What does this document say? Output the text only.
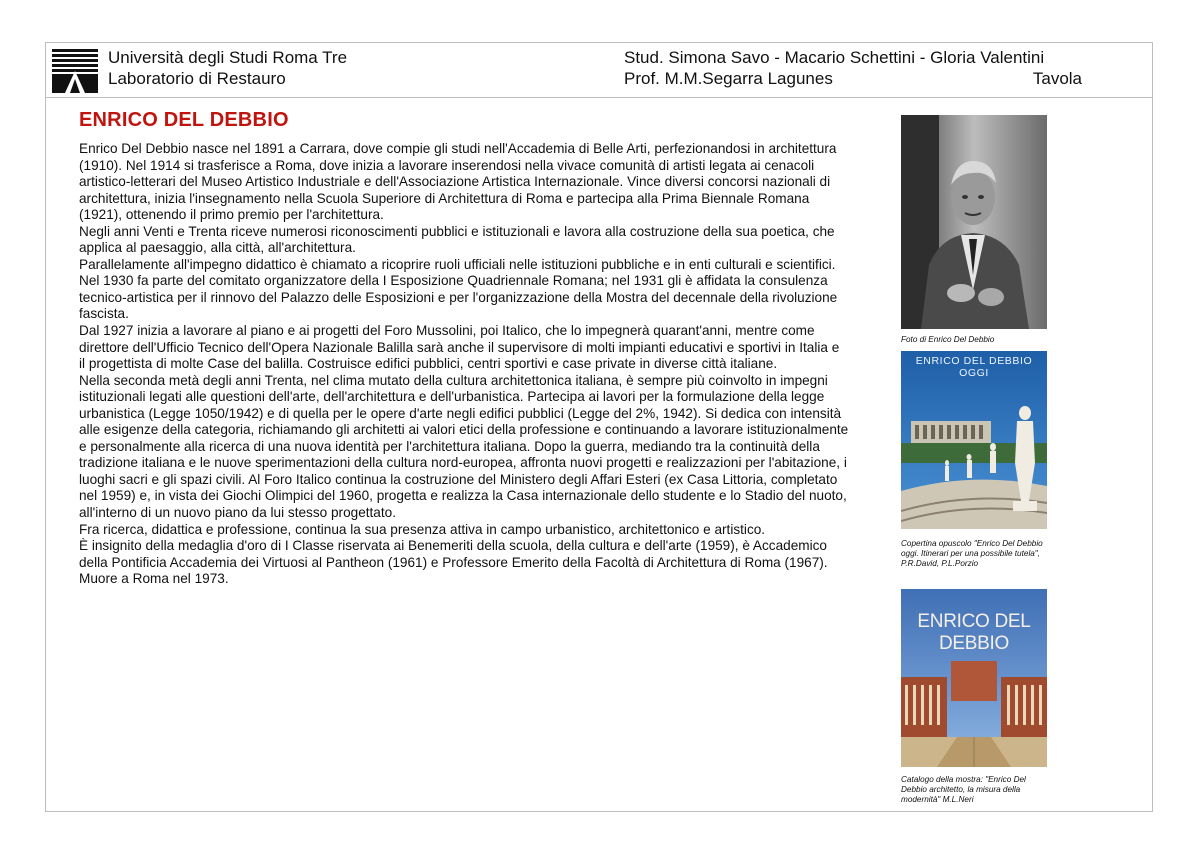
Università degli Studi Roma Tre
Laboratorio di Restauro
Stud. Simona Savo - Macario Schettini - Gloria Valentini
Prof. M.M.Segarra Lagunes	Tavola
ENRICO DEL DEBBIO

Enrico Del Debbio nasce nel 1891 a Carrara, dove compie gli studi nell'Accademia di Belle Arti, perfezionandosi in architettura (1910). Nel 1914 si trasferisce a Roma, dove inizia a lavorare inserendosi nella vivace comunità di artisti legata ai cenacoli artistico-letterari del Museo Artistico Industriale e dell'Associazione Artistica Internazionale. Vince diversi concorsi nazionali di architettura, inizia l'insegnamento nella Scuola Superiore di Architettura di Roma e partecipa alla Prima Biennale Romana (1921), ottenendo il primo premio per l'architettura.

Negli anni Venti e Trenta riceve numerosi riconoscimenti pubblici e istituzionali e lavora alla costruzione della sua poetica, che applica al paesaggio, alla città, all'architettura.

Parallelamente all'impegno didattico è chiamato a ricoprire ruoli ufficiali nelle istituzioni pubbliche e in enti culturali e scientifici. Nel 1930 fa parte del comitato organizzatore della I Esposizione Quadriennale Romana; nel 1931 gli è affidata la consulenza tecnico-artistica per il rinnovo del Palazzo delle Esposizioni e per l'organizzazione della Mostra del decennale della rivoluzione fascista.

Dal 1927 inizia a lavorare al piano e ai progetti del Foro Mussolini, poi Italico, che lo impegnerà quarant'anni, mentre come direttore dell'Ufficio Tecnico dell'Opera Nazionale Balilla sarà anche il supervisore di molti impianti educativi e sportivi in Italia e il progettista di molte Case del balilla. Costruisce edifici pubblici, centri sportivi e case private in diverse città italiane.

Nella seconda metà degli anni Trenta, nel clima mutato della cultura architettonica italiana, è sempre più coinvolto in impegni istituzionali legati alle questioni dell'arte, dell'architettura e dell'urbanistica. Partecipa ai lavori per la formulazione della legge urbanistica (Legge 1050/1942) e di quella per le opere d'arte negli edifici pubblici (Legge del 2%, 1942). Si dedica con intensità alle esigenze della categoria, richiamando gli architetti ai valori etici della professione e continuando a lavorare istituzionalmente e personalmente alla ricerca di una nuova identità per l'architettura italiana. Dopo la guerra, mediando tra la continuità della tradizione italiana e le nuove sperimentazioni della cultura nord-europea, affronta nuovi progetti e realizzazioni per l'abitazione, i luoghi sacri e gli spazi civili. Al Foro Italico continua la costruzione del Ministero degli Affari Esteri (ex Casa Littoria, completato nel 1959) e, in vista dei Giochi Olimpici del 1960, progetta e realizza la Casa internazionale dello studente e lo Stadio del nuoto, all'interno di un nuovo piano da lui stesso progettato.

Fra ricerca, didattica e professione, continua la sua presenza attiva in campo urbanistico, architettonico e artistico.

È insignito della medaglia d'oro di I Classe riservata ai Benemeriti della scuola, della cultura e dell'arte (1959), è Accademico della Pontificia Accademia dei Virtuosi al Pantheon (1961) e Professore Emerito della Facoltà di Architettura di Roma (1967).

Muore a Roma nel 1973.

Foto di Enrico Del Debbio
ENRICO DEL DEBBIO OGGI
Copertina opuscolo "Enrico Del Debbio oggi. Itinerari per una possibile tutela", P.R.David, P.L.Porzio
ENRICO DEL DEBBIO
Catalogo della mostra: "Enrico Del Debbio architetto, la misura della modernità" M.L.Neri
